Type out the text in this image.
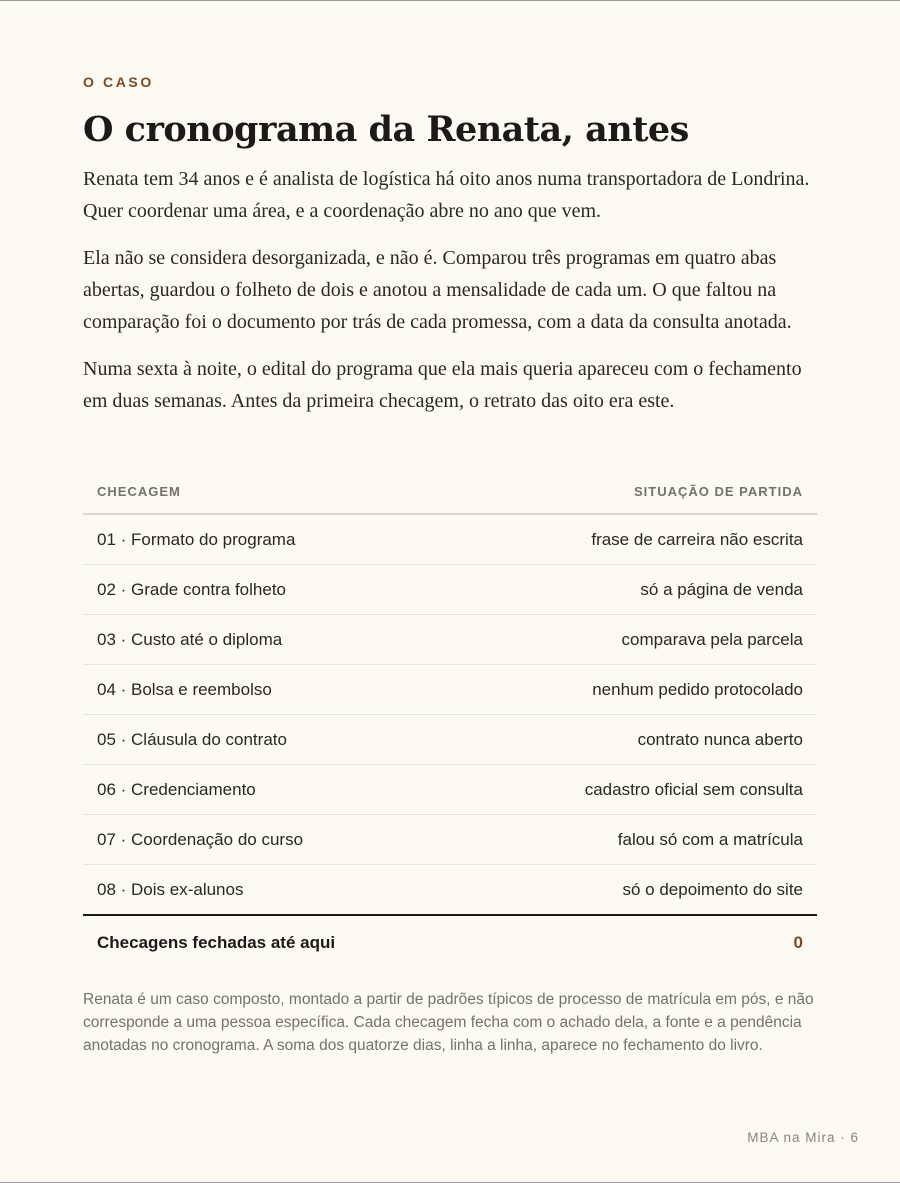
O CASO
O cronograma da Renata, antes

Renata tem 34 anos e é analista de logística há oito anos numa transportadora de Londrina. Quer coordenar uma área, e a coordenação abre no ano que vem.

Ela não se considera desorganizada, e não é. Comparou três programas em quatro abas abertas, guardou o folheto de dois e anotou a mensalidade de cada um. O que faltou na comparação foi o documento por trás de cada promessa, com a data da consulta anotada.

Numa sexta à noite, o edital do programa que ela mais queria apareceu com o fechamento em duas semanas. Antes da primeira checagem, o retrato das oito era este.

CHECAGEM	SITUAÇÃO DE PARTIDA
01 · Formato do programa	frase de carreira não escrita
02 · Grade contra folheto	só a página de venda
03 · Custo até o diploma	comparava pela parcela
04 · Bolsa e reembolso	nenhum pedido protocolado
05 · Cláusula do contrato	contrato nunca aberto
06 · Credenciamento	cadastro oficial sem consulta
07 · Coordenação do curso	falou só com a matrícula
08 · Dois ex-alunos	só o depoimento do site
Checagens fechadas até aqui	0
Renata é um caso composto, montado a partir de padrões típicos de processo de matrícula em pós, e não corresponde a uma pessoa específica. Cada checagem fecha com o achado dela, a fonte e a pendência anotadas no cronograma. A soma dos quatorze dias, linha a linha, aparece no fechamento do livro.
MBA na Mira · 6
